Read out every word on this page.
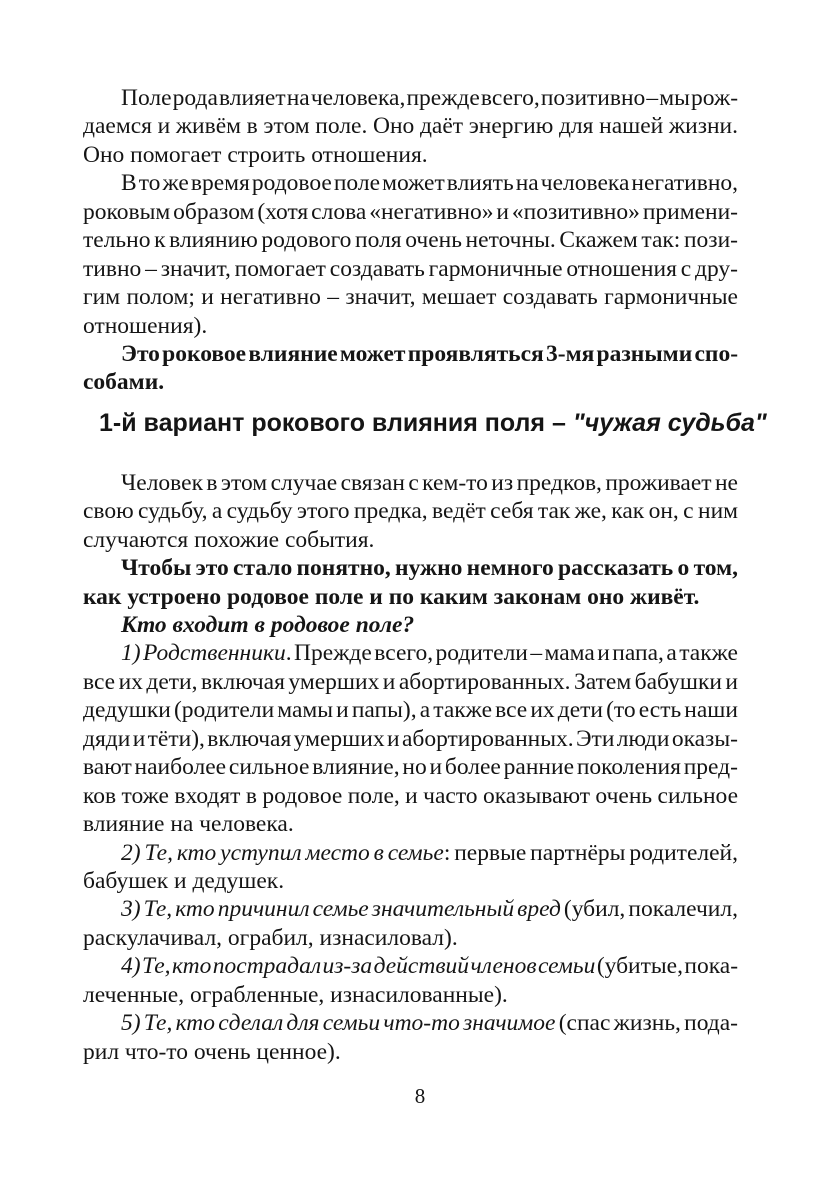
Поле рода влияет на человека, прежде всего, позитивно – мы рож-
даемся и живём в этом поле. Оно даёт энергию для нашей жизни.
Оно помогает строить отношения.
В то же время родовое поле может влиять на человека негативно,
роковым образом (хотя слова «негативно» и «позитивно» примени-
тельно к влиянию родового поля очень неточны. Скажем так: пози-
тивно – значит, помогает создавать гармоничные отношения с дру-
гим полом; и негативно – значит, мешает создавать гармоничные
отношения).
Это роковое влияние может проявляться 3-мя разными спо-
собами.
1-й вариант рокового влияния поля – "чужая судьба"
Человек в этом случае связан с кем-то из предков, проживает не
свою судьбу, а судьбу этого предка, ведёт себя так же, как он, с ним
случаются похожие события.
Чтобы это стало понятно, нужно немного рассказать о том,
как устроено родовое поле и по каким законам оно живёт.
Кто входит в родовое поле?
1) Родственники. Прежде всего, родители – мама и папа, а также
все их дети, включая умерших и абортированных. Затем бабушки и
дедушки (родители мамы и папы), а также все их дети (то есть наши
дяди и тёти), включая умерших и абортированных. Эти люди оказы-
вают наиболее сильное влияние, но и более ранние поколения пред-
ков тоже входят в родовое поле, и часто оказывают очень сильное
влияние на человека.
2) Те, кто уступил место в семье: первые партнёры родителей,
бабушек и дедушек.
3) Те, кто причинил семье значительный вред (убил, покалечил,
раскулачивал, ограбил, изнасиловал).
4) Те, кто пострадал из-за действий членов семьи (убитые, пока-
леченные, ограбленные, изнасилованные).
5) Те, кто сделал для семьи что-то значимое (спас жизнь, пода-
рил что-то очень ценное).
8
